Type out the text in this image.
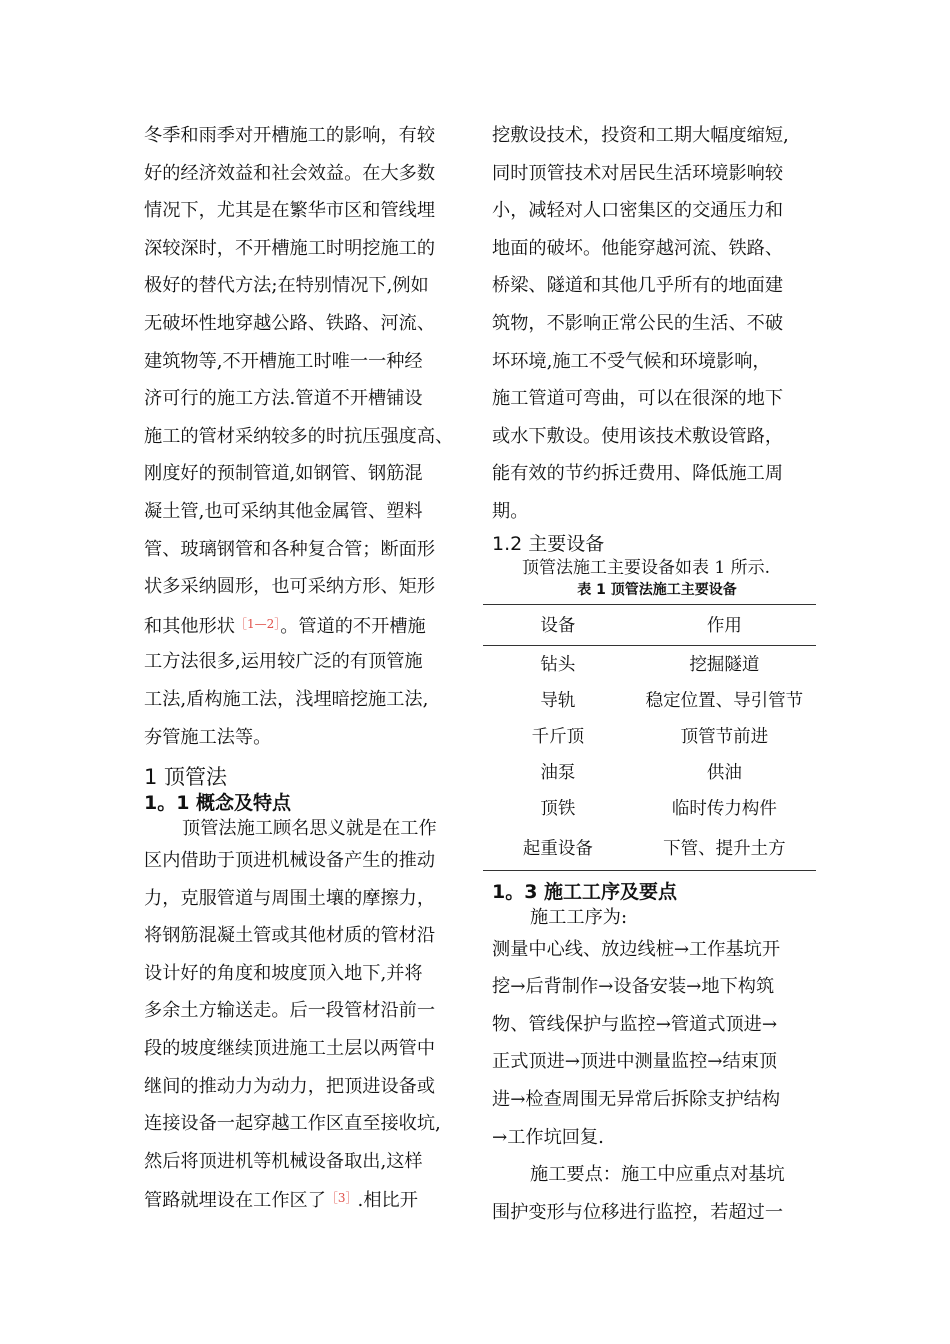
冬季和雨季对开槽施工的影响，有较
好的经济效益和社会效益。在大多数
情况下，尤其是在繁华市区和管线埋
深较深时，不开槽施工时明挖施工的
极好的替代方法;在特别情况下,例如
无破坏性地穿越公路、铁路、河流、
建筑物等,不开槽施工时唯一一种经
济可行的施工方法.管道不开槽铺设
施工的管材采纳较多的时抗压强度高、
刚度好的预制管道,如钢管、钢筋混
凝土管,也可采纳其他金属管、塑料
管、玻璃钢管和各种复合管；断面形
状多采纳圆形，也可采纳方形、矩形
和其他形状$^{[1—2]}$。管道的不开槽施
工方法很多,运用较广泛的有顶管施
工法,盾构施工法，浅埋暗挖施工法,
夯管施工法等。
1 顶管法
1。1 概念及特点
顶管法施工顾名思义就是在工作
区内借助于顶进机械设备产生的推动
力，克服管道与周围土壤的摩擦力，
将钢筋混凝土管或其他材质的管材沿
设计好的角度和坡度顶入地下,并将
多余土方输送走。后一段管材沿前一
段的坡度继续顶进施工土层以两管中
继间的推动力为动力，把顶进设备或
连接设备一起穿越工作区直至接收坑,
然后将顶进机等机械设备取出,这样
管路就埋设在工作区了$^{[3]}$.相比开
挖敷设技术，投资和工期大幅度缩短,
同时顶管技术对居民生活环境影响较
小，减轻对人口密集区的交通压力和
地面的破坏。他能穿越河流、铁路、
桥梁、隧道和其他几乎所有的地面建
筑物，不影响正常公民的生活、不破
坏环境,施工不受气候和环境影响，
施工管道可弯曲，可以在很深的地下
或水下敷设。使用该技术敷设管路，
能有效的节约拆迁费用、降低施工周
期。
1.2 主要设备
顶管法施工主要设备如表 1 所示.
表 1 顶管法施工主要设备
设备	作用
钻头	挖掘隧道
导轨	稳定位置、导引管节
千斤顶	顶管节前进
油泵	供油
顶铁	临时传力构件
起重设备	下管、提升土方
1。3 施工工序及要点
施工工序为:
测量中心线、放边线桩→工作基坑开
挖→后背制作→设备安装→地下构筑
物、管线保护与监控→管道式顶进→
正式顶进→顶进中测量监控→结束顶
进→检查周围无异常后拆除支护结构
→工作坑回复.
施工要点：施工中应重点对基坑
围护变形与位移进行监控，若超过一
